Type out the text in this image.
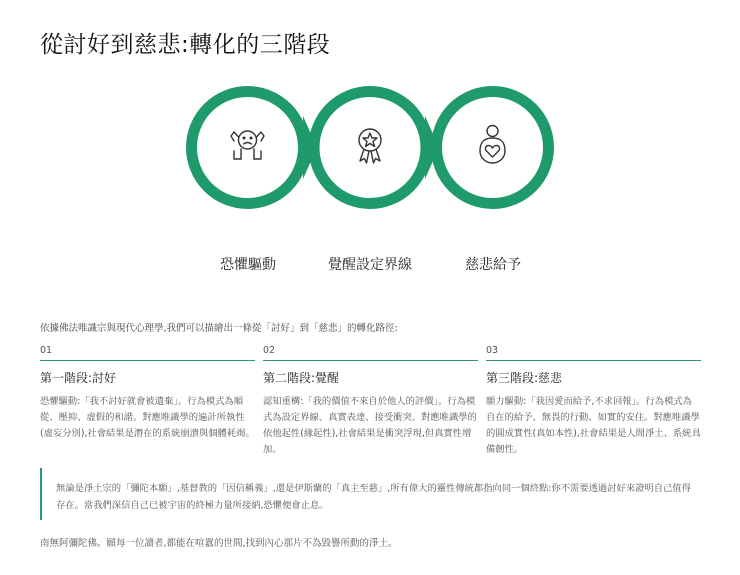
從討好到慈悲:轉化的三階段
恐懼驅動	覺醒設定界線	慈悲給予
依據佛法唯識宗與現代心理學,我們可以描繪出一條從「討好」到「慈悲」的轉化路徑:
01
第一階段:討好
恐懼驅動:「我不討好就會被遺棄」。行為模式為順從、壓抑、虛假的和諧。對應唯識學的遍計所執性(虛妄分別),社會結果是潛在的系統崩潰與個體耗竭。
02
第二階段:覺醒
認知重構:「我的價值不來自於他人的評價」。行為模式為設定界線、真實表達、接受衝突。對應唯識學的依他起性(緣起性),社會結果是衝突浮現,但真實性增加。
03
第三階段:慈悲
願力驅動:「我因愛而給予,不求回報」。行為模式為自在的給予、無畏的行動、如實的安住。對應唯識學的圓成實性(真如本性),社會結果是人間淨土、系統具備韌性。
無論是淨土宗的「彌陀本願」,基督教的「因信稱義」,還是伊斯蘭的「真主至慈」,所有偉大的靈性傳統都指向同一個終點:你不需要透過討好來證明自己值得存在。當我們深信自己已被宇宙的終極力量所接納,恐懼便會止息。
南無阿彌陀佛。願每一位讀者,都能在喧囂的世間,找到內心那片不為毀譽所動的淨土。
